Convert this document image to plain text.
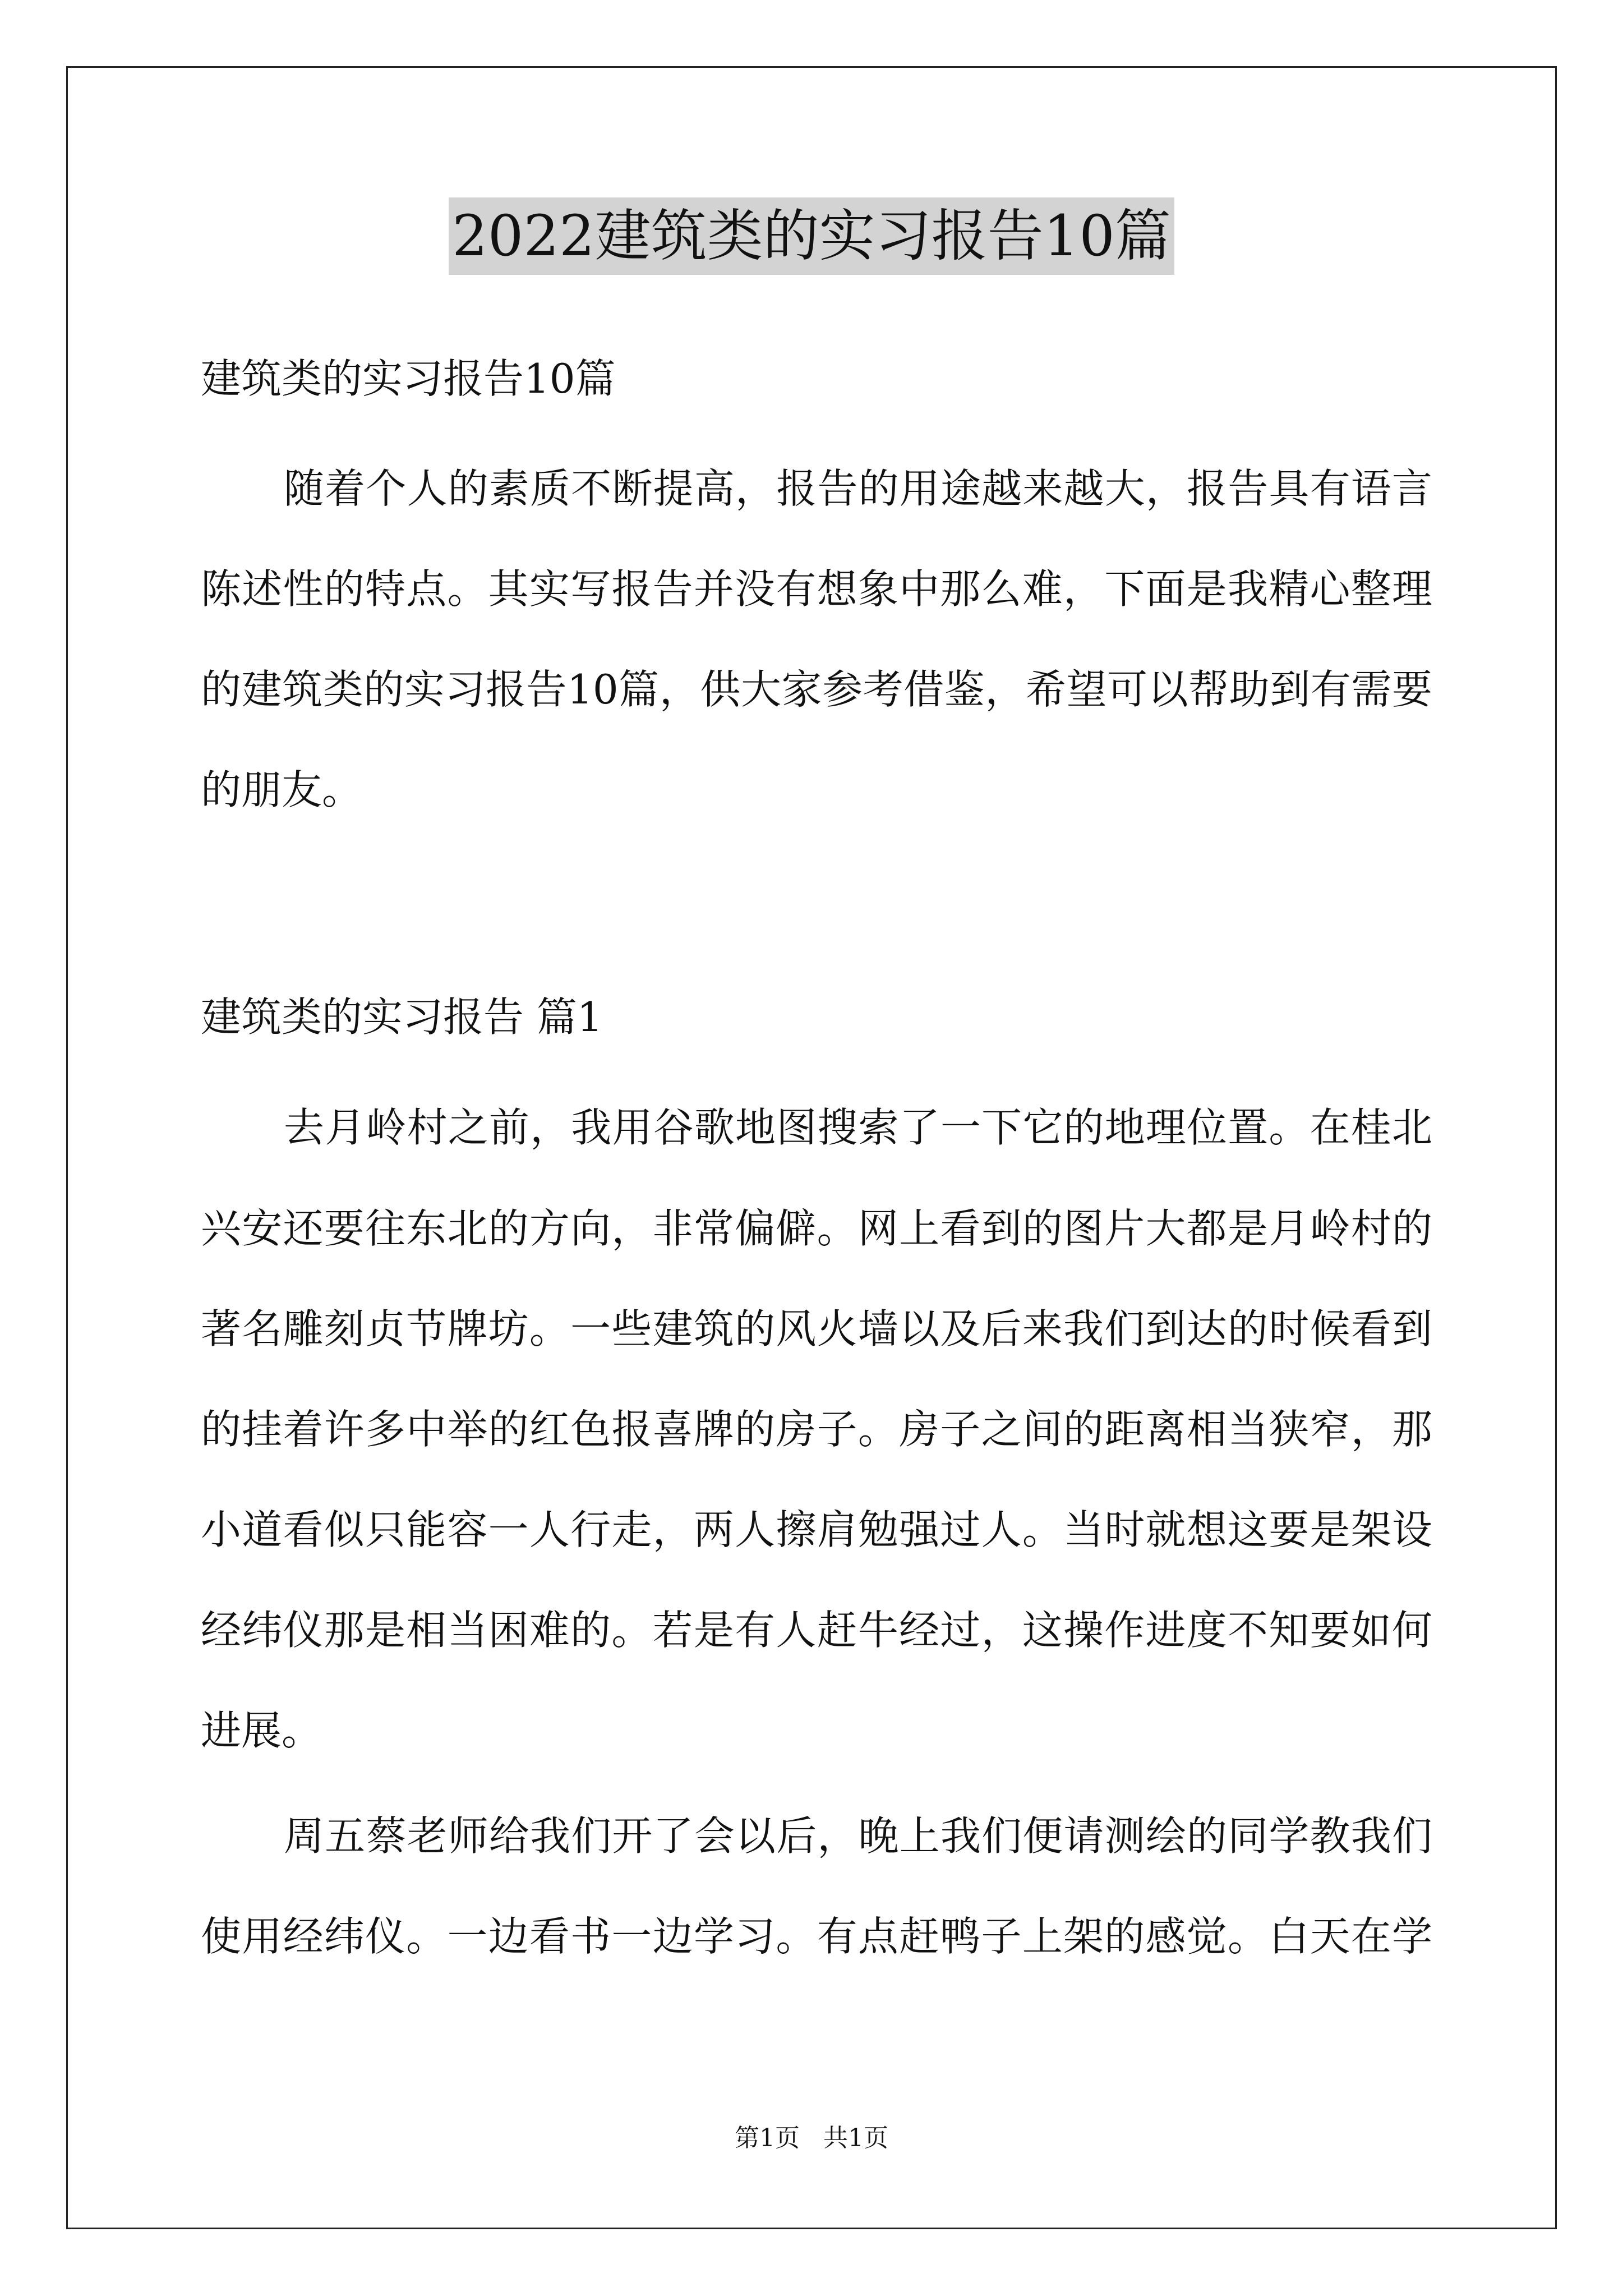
2022建筑类的实习报告10篇
建筑类的实习报告10篇
随着个人的素质不断提高，报告的用途越来越大，报告具有语言
陈述性的特点。其实写报告并没有想象中那么难，下面是我精心整理
的建筑类的实习报告10篇，供大家参考借鉴，希望可以帮助到有需要
的朋友。
建筑类的实习报告 篇1
去月岭村之前，我用谷歌地图搜索了一下它的地理位置。在桂北
兴安还要往东北的方向，非常偏僻。网上看到的图片大都是月岭村的
著名雕刻贞节牌坊。一些建筑的风火墙以及后来我们到达的时候看到
的挂着许多中举的红色报喜牌的房子。房子之间的距离相当狭窄，那
小道看似只能容一人行走，两人擦肩勉强过人。当时就想这要是架设
经纬仪那是相当困难的。若是有人赶牛经过，这操作进度不知要如何
进展。
周五蔡老师给我们开了会以后，晚上我们便请测绘的同学教我们
使用经纬仪。一边看书一边学习。有点赶鸭子上架的感觉。白天在学
第1页   共1页
